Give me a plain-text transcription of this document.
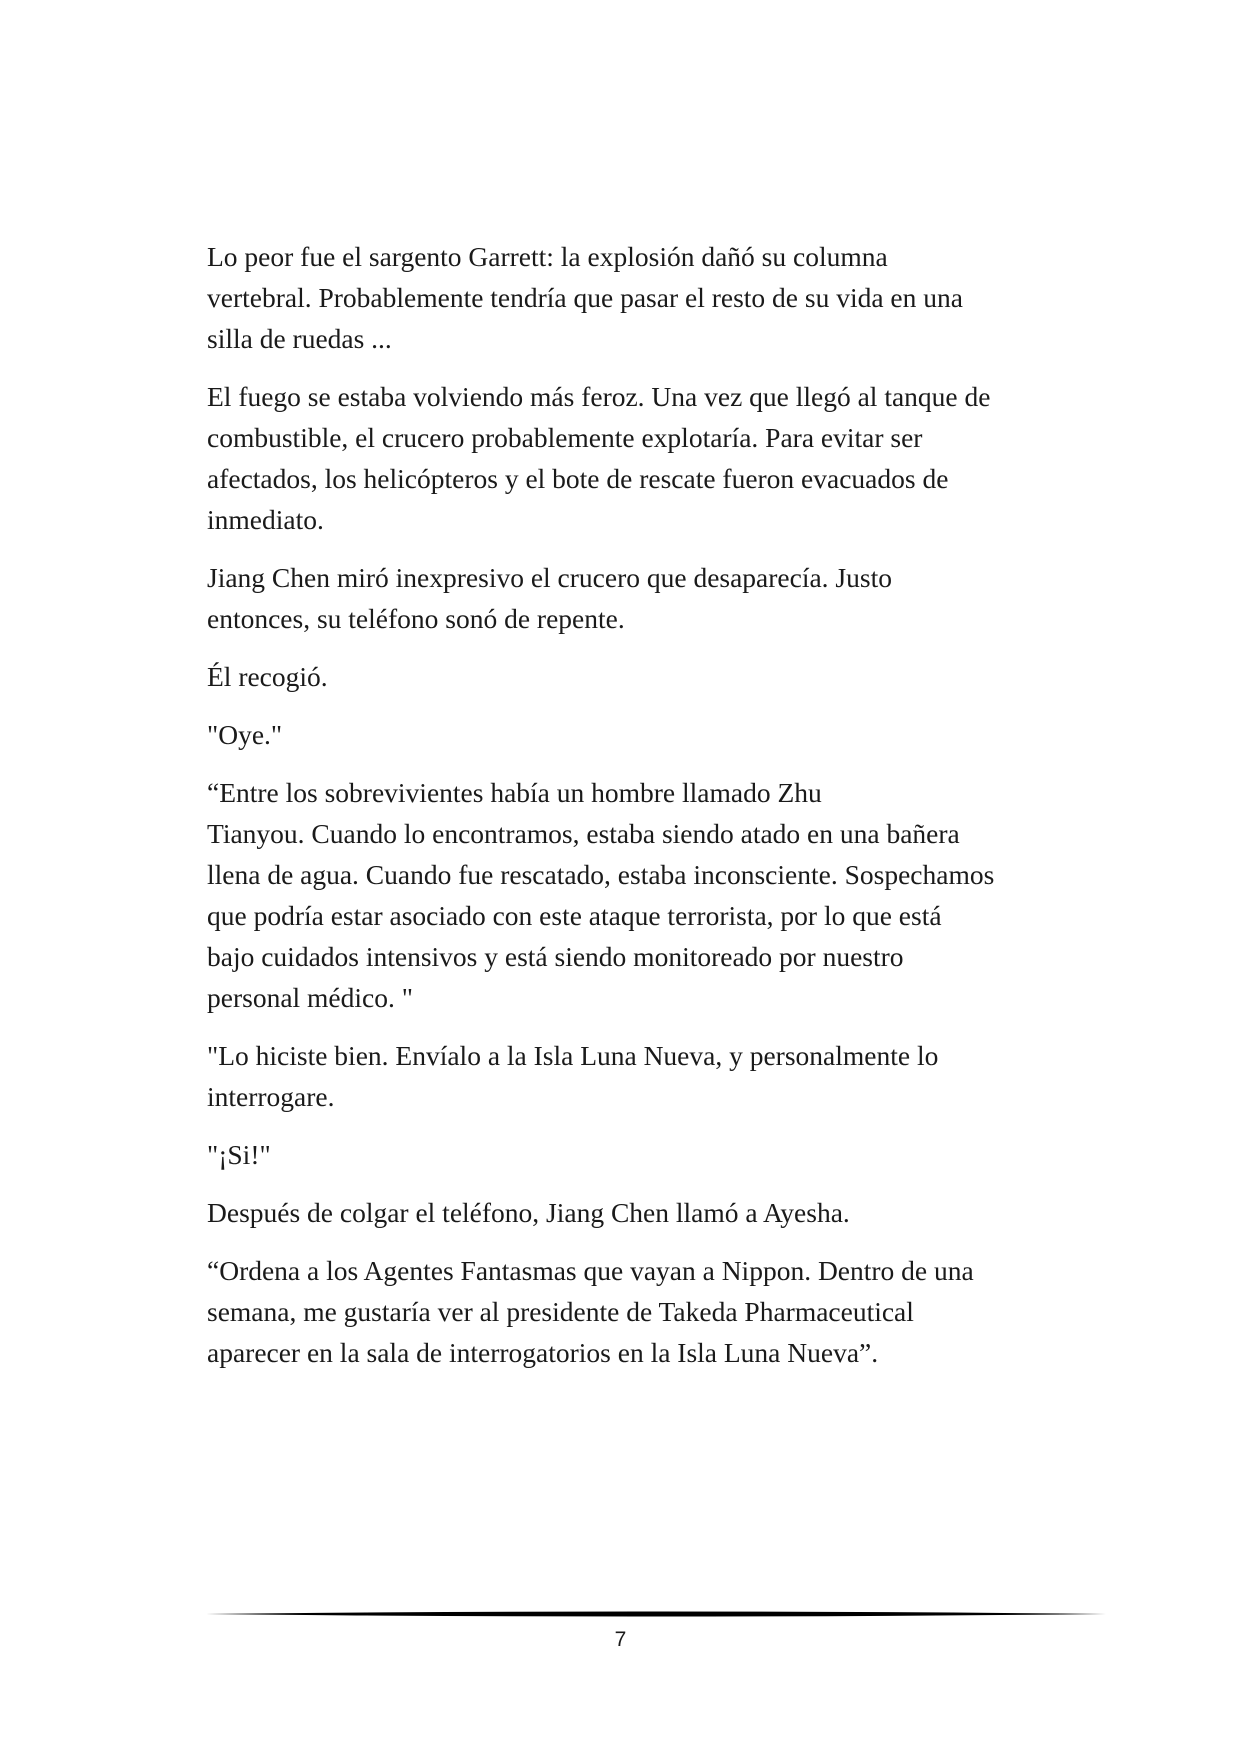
Lo peor fue el sargento Garrett: la explosión dañó su columna

vertebral. Probablemente tendría que pasar el resto de su vida en una

silla de ruedas ...

El fuego se estaba volviendo más feroz. Una vez que llegó al tanque de

combustible, el crucero probablemente explotaría. Para evitar ser

afectados, los helicópteros y el bote de rescate fueron evacuados de

inmediato.

Jiang Chen miró inexpresivo el crucero que desaparecía. Justo

entonces, su teléfono sonó de repente.

Él recogió.

"Oye."

“Entre los sobrevivientes había un hombre llamado Zhu

Tianyou. Cuando lo encontramos, estaba siendo atado en una bañera

llena de agua. Cuando fue rescatado, estaba inconsciente. Sospechamos

que podría estar asociado con este ataque terrorista, por lo que está

bajo cuidados intensivos y está siendo monitoreado por nuestro

personal médico. "

"Lo hiciste bien. Envíalo a la Isla Luna Nueva, y personalmente lo

interrogare.

"¡Si!"

Después de colgar el teléfono, Jiang Chen llamó a Ayesha.

“Ordena a los Agentes Fantasmas que vayan a Nippon. Dentro de una

semana, me gustaría ver al presidente de Takeda Pharmaceutical

aparecer en la sala de interrogatorios en la Isla Luna Nueva”.

7
